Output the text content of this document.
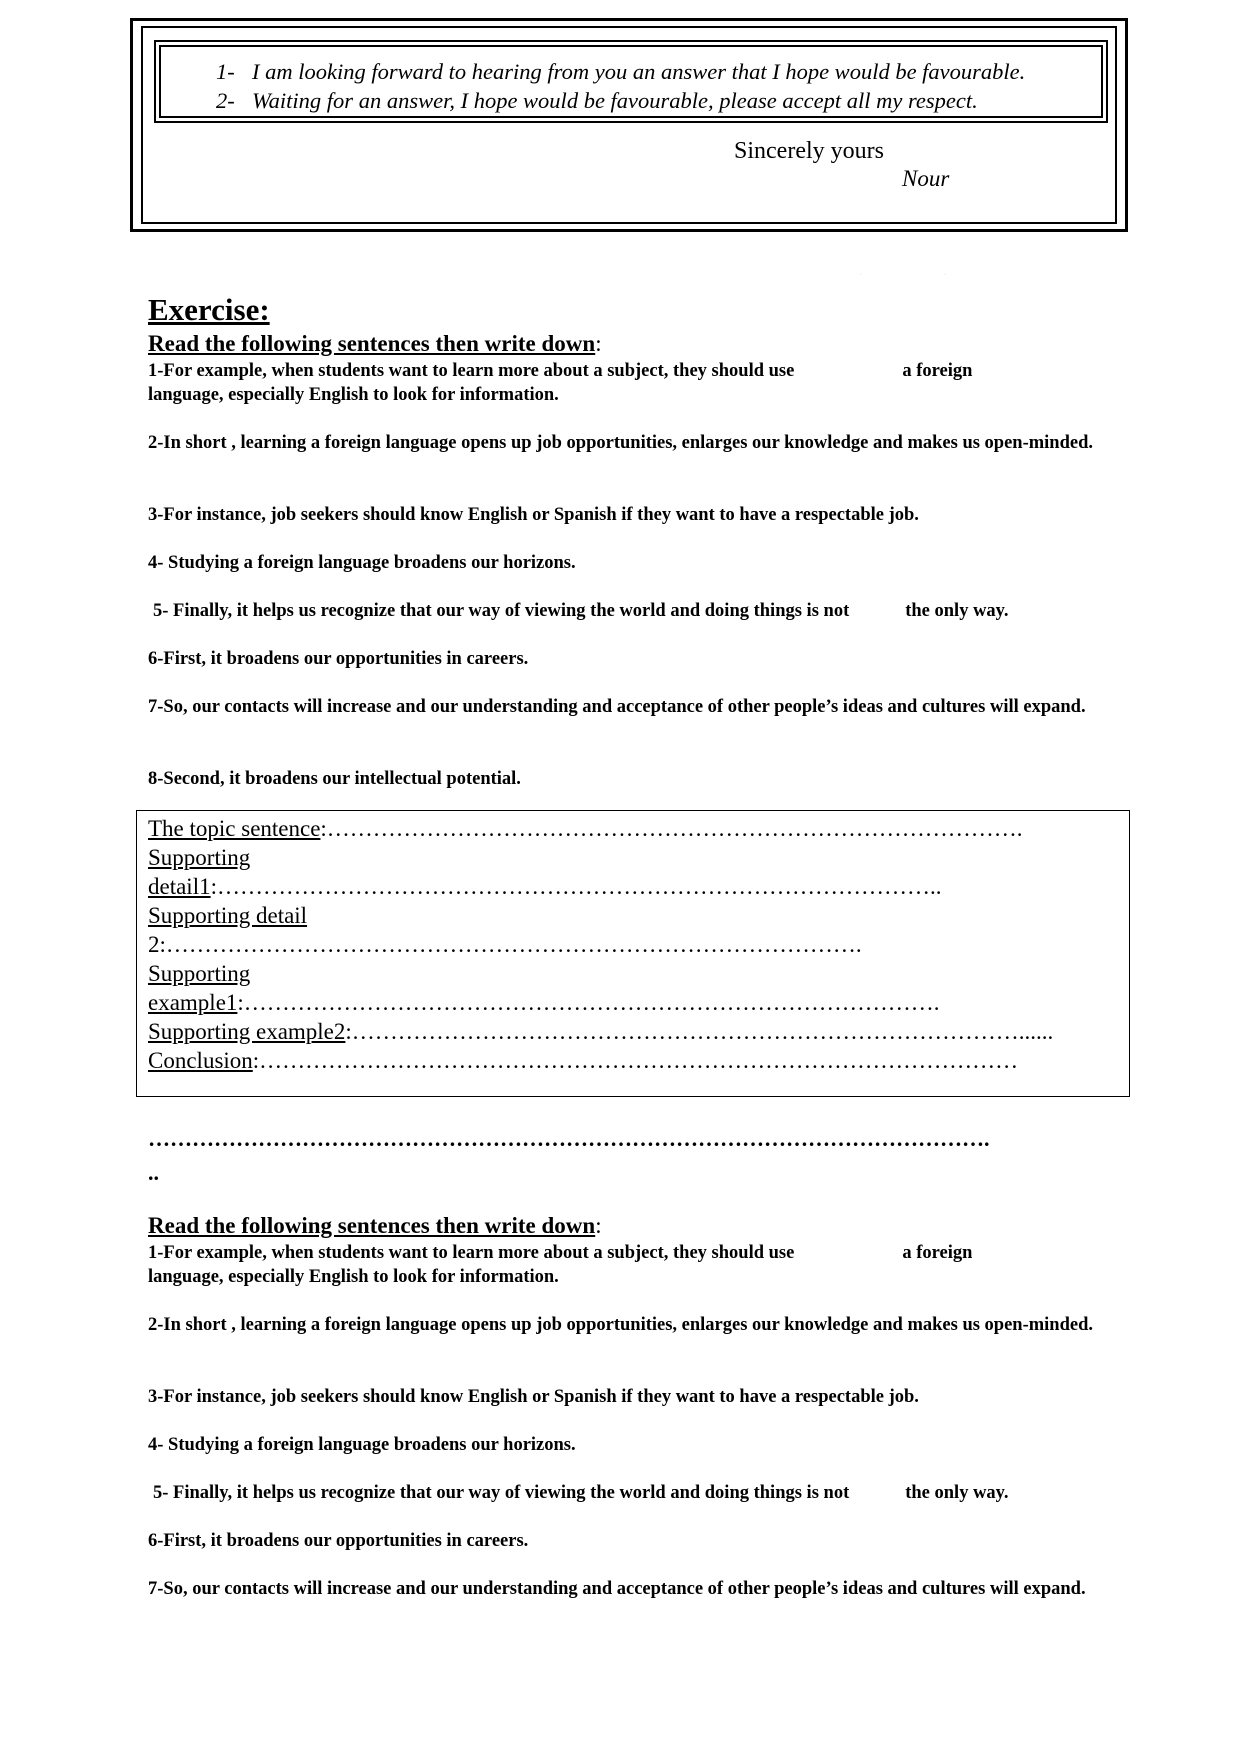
1- I am looking forward to hearing from you an answer that I hope would be favourable.
2- Waiting for an answer, I hope would be favourable, please accept all my respect.
Sincerely yours
Nour
·	·
Exercise:
Read the following sentences then write down:
1-For example, when students want to learn more about a subject, they should use	a foreign
language, especially English to look for information.
2-In short , learning a foreign language opens up job opportunities, enlarges our knowledge and makes us open-minded.
3-For instance, job seekers should know English or Spanish if they want to have a respectable job.
4- Studying a foreign language broadens our horizons.
5- Finally, it helps us recognize that our way of viewing the world and doing things is not	the only way.
6-First, it broadens our opportunities in careers.
7-So, our contacts will increase and our understanding and acceptance of other people’s ideas and cultures will expand.
8-Second, it broadens our intellectual potential.
The topic sentence:……………………………………………………………………………….
Supporting
detail1:…………………………………………………………………………………..
Supporting detail
2:……………………………………………………………………………….
Supporting
example1:……………………………………………………………………………….
Supporting example2:……………………………………………………………………………......
Conclusion:………………………………………………………………………………………
…………………………………………………………………………………………………….
..
Read the following sentences then write down:
1-For example, when students want to learn more about a subject, they should use	a foreign
language, especially English to look for information.
2-In short , learning a foreign language opens up job opportunities, enlarges our knowledge and makes us open-minded.
3-For instance, job seekers should know English or Spanish if they want to have a respectable job.
4- Studying a foreign language broadens our horizons.
5- Finally, it helps us recognize that our way of viewing the world and doing things is not	the only way.
6-First, it broadens our opportunities in careers.
7-So, our contacts will increase and our understanding and acceptance of other people’s ideas and cultures will expand.
